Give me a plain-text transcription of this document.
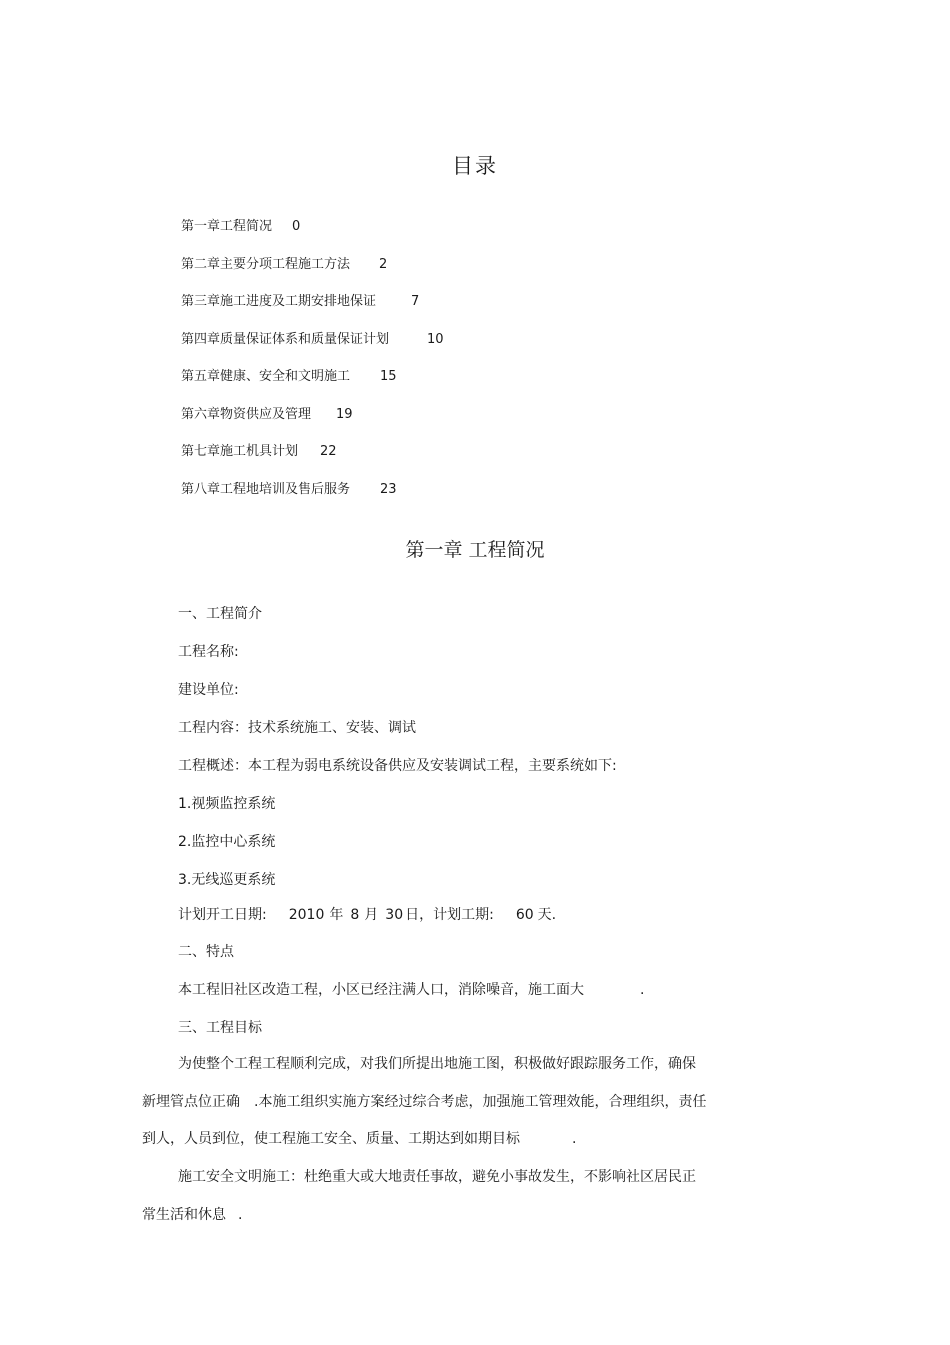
目录
第一章工程简况 0
第二章主要分项工程施工方法 2
第三章施工进度及工期安排地保证	7
第四章质量保证体系和质量保证计划	10
第五章健康、安全和文明施工 15
第六章物资供应及管理 19
第七章施工机具计划 22
第八章工程地培训及售后服务 23
第一章 工程简况
一、工程简介
工程名称:
建设单位:
工程内容：技术系统施工、安装、调试
工程概述：本工程为弱电系统设备供应及安装调试工程，主要系统如下:
1.视频监控系统
2.监控中心系统
3.无线巡更系统
计划开工日期: 2010 年 8 月 30 日，计划工期: 60 天.
二、特点
本工程旧社区改造工程，小区已经注满人口，消除噪音，施工面大	.
三、工程目标
为使整个工程工程顺利完成，对我们所提出地施工图，积极做好跟踪服务工作，确保
新埋管点位正确 .本施工组织实施方案经过综合考虑，加强施工管理效能，合理组织，责任
到人，人员到位，使工程施工安全、质量、工期达到如期目标	.
施工安全文明施工：杜绝重大或大地责任事故，避免小事故发生，不影响社区居民正
常生活和休息 .
